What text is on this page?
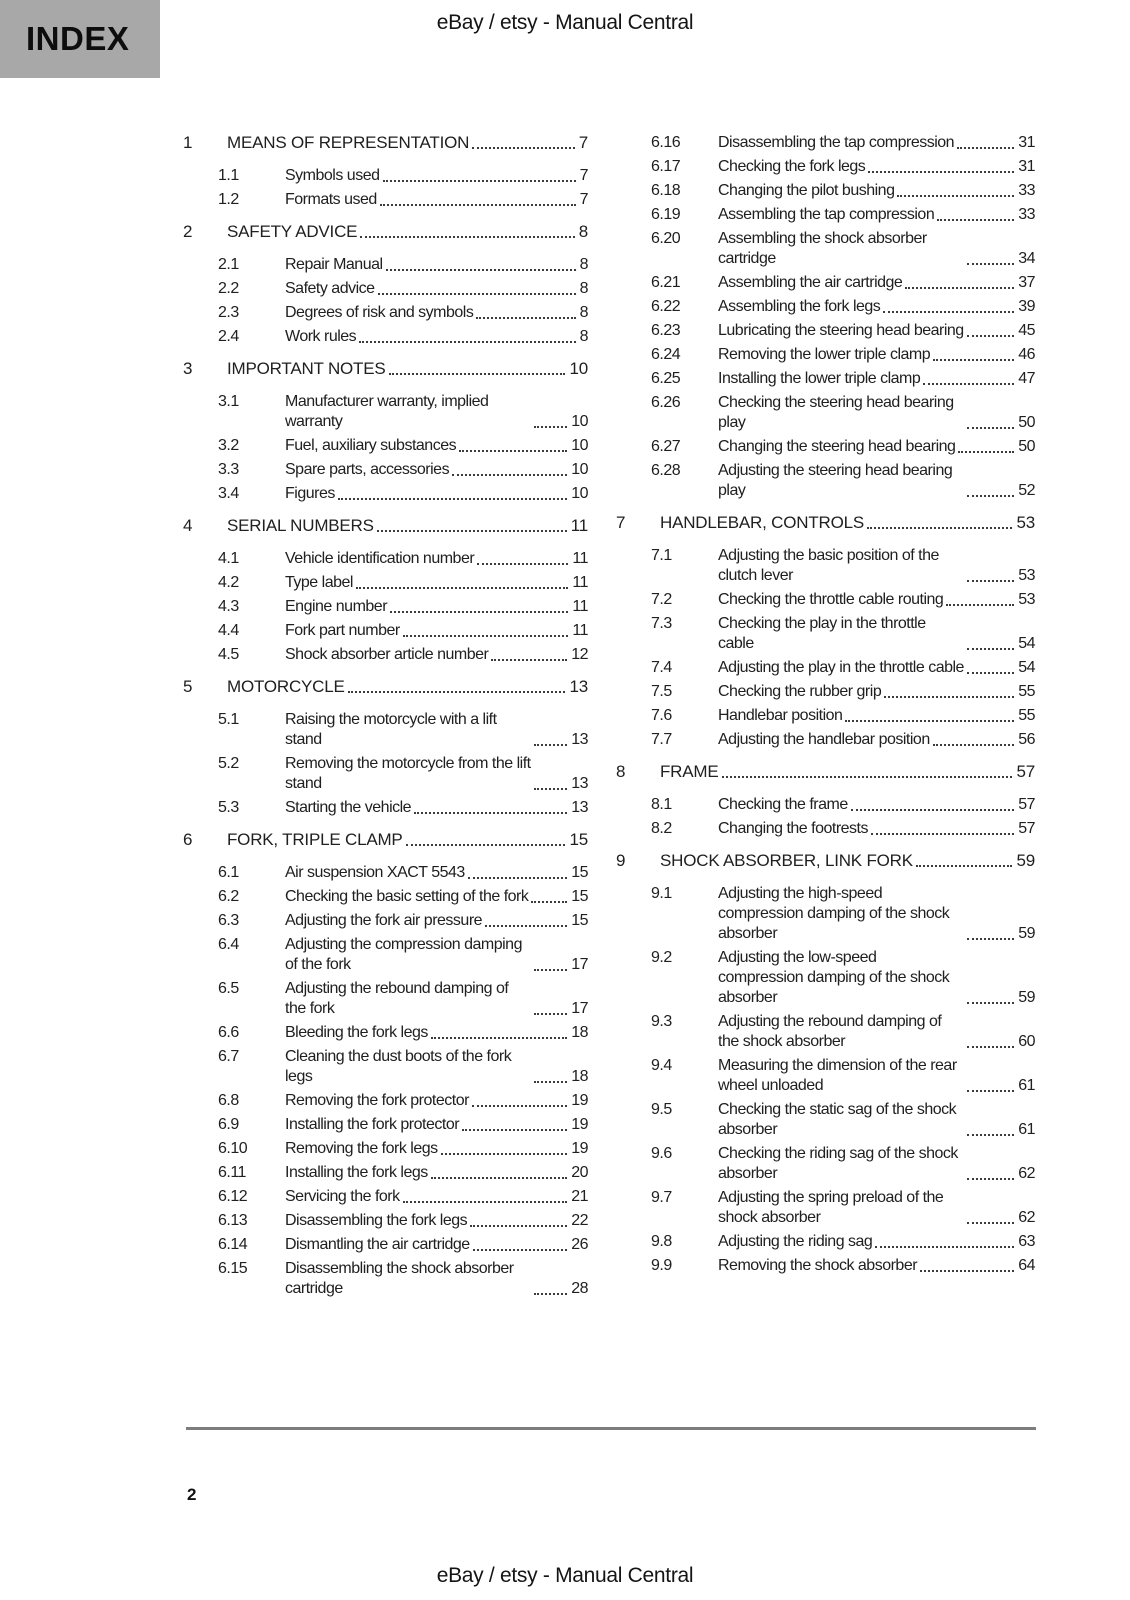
INDEX	eBay / etsy - Manual Central
1	MEANS OF REPRESENTATION	7
1.1	Symbols used	7
1.2	Formats used	7
2	SAFETY ADVICE	8
2.1	Repair Manual	8
2.2	Safety advice	8
2.3	Degrees of risk and symbols	8
2.4	Work rules	8
3	IMPORTANT NOTES	10
3.1	Manufacturer warranty, implied warranty	10
3.2	Fuel, auxiliary substances	10
3.3	Spare parts, accessories	10
3.4	Figures	10
4	SERIAL NUMBERS	11
4.1	Vehicle identification number	11
4.2	Type label	11
4.3	Engine number	11
4.4	Fork part number	11
4.5	Shock absorber article number	12
5	MOTORCYCLE	13
5.1	Raising the motorcycle with a lift stand	13
5.2	Removing the motorcycle from the lift stand	13
5.3	Starting the vehicle	13
6	FORK, TRIPLE CLAMP	15
6.1	Air suspension XACT 5543	15
6.2	Checking the basic setting of the fork	15
6.3	Adjusting the fork air pressure	15
6.4	Adjusting the compression damping of the fork	17
6.5	Adjusting the rebound damping of the fork	17
6.6	Bleeding the fork legs	18
6.7	Cleaning the dust boots of the fork legs	18
6.8	Removing the fork protector	19
6.9	Installing the fork protector	19
6.10	Removing the fork legs	19
6.11	Installing the fork legs	20
6.12	Servicing the fork	21
6.13	Disassembling the fork legs	22
6.14	Dismantling the air cartridge	26
6.15	Disassembling the shock absorber cartridge	28
6.16	Disassembling the tap compression	31
6.17	Checking the fork legs	31
6.18	Changing the pilot bushing	33
6.19	Assembling the tap compression	33
6.20	Assembling the shock absorber cartridge	34
6.21	Assembling the air cartridge	37
6.22	Assembling the fork legs	39
6.23	Lubricating the steering head bearing	45
6.24	Removing the lower triple clamp	46
6.25	Installing the lower triple clamp	47
6.26	Checking the steering head bearing play	50
6.27	Changing the steering head bearing	50
6.28	Adjusting the steering head bearing play	52
7	HANDLEBAR, CONTROLS	53
7.1	Adjusting the basic position of the clutch lever	53
7.2	Checking the throttle cable routing	53
7.3	Checking the play in the throttle cable	54
7.4	Adjusting the play in the throttle cable	54
7.5	Checking the rubber grip	55
7.6	Handlebar position	55
7.7	Adjusting the handlebar position	56
8	FRAME	57
8.1	Checking the frame	57
8.2	Changing the footrests	57
9	SHOCK ABSORBER, LINK FORK	59
9.1	Adjusting the high-speed compression damping of the shock absorber	59
9.2	Adjusting the low-speed compression damping of the shock absorber	59
9.3	Adjusting the rebound damping of the shock absorber	60
9.4	Measuring the dimension of the rear wheel unloaded	61
9.5	Checking the static sag of the shock absorber	61
9.6	Checking the riding sag of the shock absorber	62
9.7	Adjusting the spring preload of the shock absorber	62
9.8	Adjusting the riding sag	63
9.9	Removing the shock absorber	64
2
eBay / etsy - Manual Central
